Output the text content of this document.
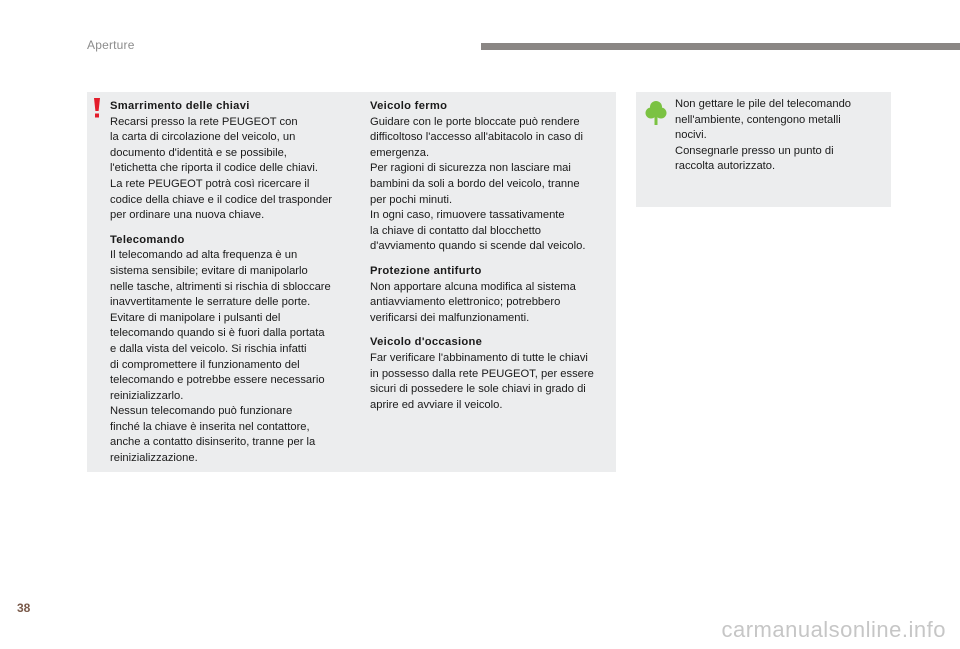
Aperture
Smarrimento delle chiavi
Recarsi presso la rete PEUGEOT con
la carta di circolazione del veicolo, un
documento d'identità e se possibile,
l'etichetta che riporta il codice delle chiavi.
La rete PEUGEOT potrà così ricercare il
codice della chiave e il codice del trasponder
per ordinare una nuova chiave.
Telecomando
Il telecomando ad alta frequenza è un
sistema sensibile; evitare di manipolarlo
nelle tasche, altrimenti si rischia di sbloccare
inavvertitamente le serrature delle porte.
Evitare di manipolare i pulsanti del
telecomando quando si è fuori dalla portata
e dalla vista del veicolo. Si rischia infatti
di compromettere il funzionamento del
telecomando e potrebbe essere necessario
reinizializzarlo.
Nessun telecomando può funzionare
finché la chiave è inserita nel contattore,
anche a contatto disinserito, tranne per la
reinizializzazione.
Veicolo fermo
Guidare con le porte bloccate può rendere
difficoltoso l'accesso all'abitacolo in caso di
emergenza.
Per ragioni di sicurezza non lasciare mai
bambini da soli a bordo del veicolo, tranne
per pochi minuti.
In ogni caso, rimuovere tassativamente
la chiave di contatto dal blocchetto
d'avviamento quando si scende dal veicolo.
Protezione antifurto
Non apportare alcuna modifica al sistema
antiavviamento elettronico; potrebbero
verificarsi dei malfunzionamenti.
Veicolo d'occasione
Far verificare l'abbinamento di tutte le chiavi
in possesso dalla rete PEUGEOT, per essere
sicuri di possedere le sole chiavi in grado di
aprire ed avviare il veicolo.
Non gettare le pile del telecomando
nell'ambiente, contengono metalli
nocivi.
Consegnarle presso un punto di
raccolta autorizzato.
38
carmanualsonline.info
